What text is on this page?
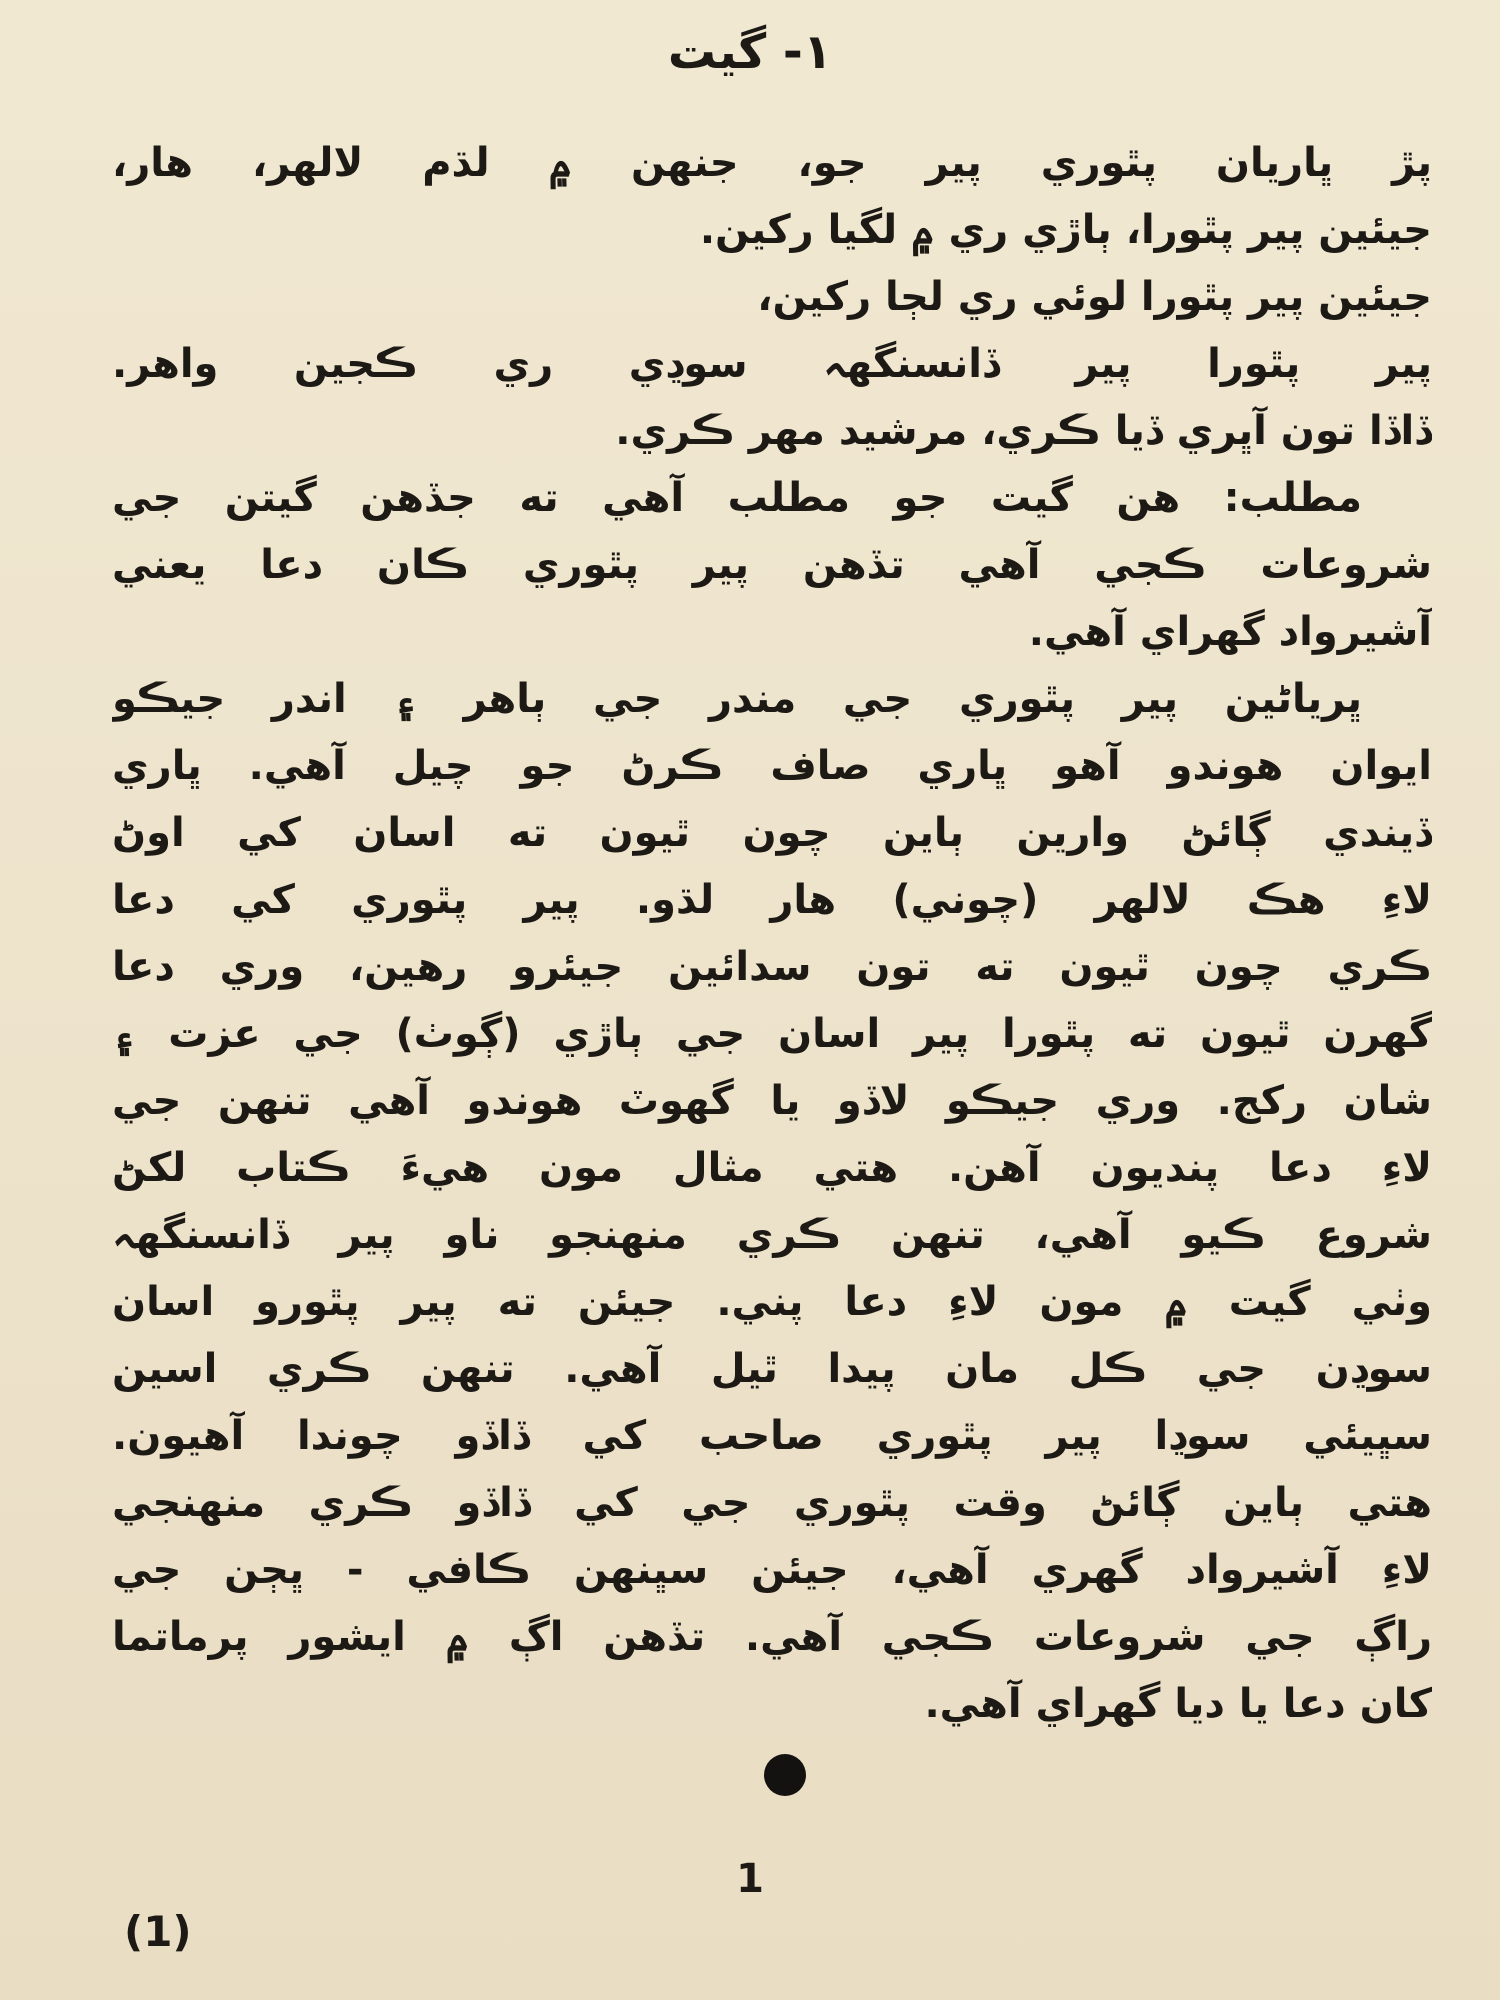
١- گيت
پڙ ڀاريان پٿوري پير جو، جنهن ۾ لڌم لالهر، هار،
جيئين پير پٿورا، ٻاڙي ري ۾ لگيا رکين.
جيئين پير پٿورا لوئي ري لڄا رکين،
پير پٿورا پير ڏانسنگهہ سوڍي ري ڪجين واهر.
ڏاڏا تون آڀري ڏيا ڪري، مرشيد مهر ڪري.
مطلب: هن گيت جو مطلب آهي ته جڏهن گيتن جي
شروعات ڪجي آهي تڏهن پير پٿوري ڪان دعا يعني
آشيرواد گهراي آهي.
ڀرياڻين پير پٿوري جي مندر جي ٻاهر ۽ اندر جيڪو
ايوان هوندو آهو ڀاري صاف ڪرڻ جو چيل آهي. ڀاري
ڏيندي ڳائڻ وارين ٻاين چون ٿيون ته اسان کي اوڻ
لاءِ هڪ لالهر (چوني) هار لڌو. پير پٿوري کي دعا
ڪري چون ٿيون ته تون سدائين جيئرو رهين، وري دعا
گهرن ٿيون ته پٿورا پير اسان جي ٻاڙي (ڳوٺ) جي عزت ۽
شان رکج. وري جيڪو لاڏو يا گهوٽ هوندو آهي تنهن جي
لاءِ دعا پنديون آهن. هتي مثال مون هيءَ ڪتاب لکڻ
شروع ڪيو آهي، تنهن ڪري منهنجو ناو پير ڏانسنگهہ
وٺي گيت ۾ مون لاءِ دعا پني. جيئن ته پير پٿورو اسان
سوڍن جي ڪل مان پيدا ٿيل آهي. تنهن ڪري اسين
سڀيئي سوڍا پير پٿوري صاحب کي ڏاڏو چوندا آهيون.
هتي ٻاين ڳائڻ وقت پٿوري جي کي ڏاڏو ڪري منهنجي
لاءِ آشيرواد گهري آهي، جيئن سڀنهن ڪافي - ڀڄن جي
راڳ جي شروعات ڪجي آهي. تڏهن اڳ ۾ ايشور پرماتما
کان دعا يا ديا گهراي آهي.
1
(1)
